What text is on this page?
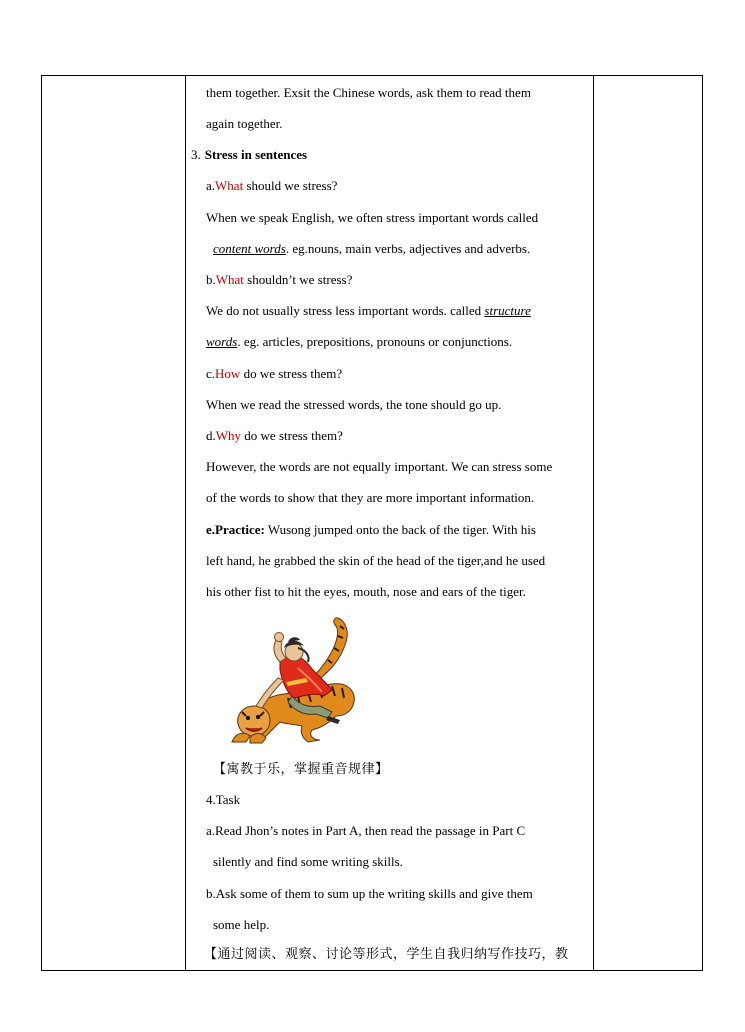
them together. Exsit the Chinese words, ask them to read them
again together.
3. Stress in sentences
a.What should we stress?
When we speak English, we often stress important words called
content words. eg.nouns, main verbs, adjectives and adverbs.
b.What shouldn’t we stress?
We do not usually stress less important words. called structure
words. eg. articles, prepositions, pronouns or conjunctions.
c.How do we stress them?
When we read the stressed words, the tone should go up.
d.Why do we stress them?
However, the words are not equally important. We can stress some
of the words to show that they are more important information.
e.Practice: Wusong jumped onto the back of the tiger. With his
left hand, he grabbed the skin of the head of the tiger,and he used
his other fist to hit the eyes, mouth, nose and ears of the tiger.
【寓教于乐，掌握重音规律】
4.Task
a.Read Jhon’s notes in Part A, then read the passage in Part C
silently and find some writing skills.
b.Ask some of them to sum up the writing skills and give them
some help.
【通过阅读、观察、讨论等形式，学生自我归纳写作技巧，教
